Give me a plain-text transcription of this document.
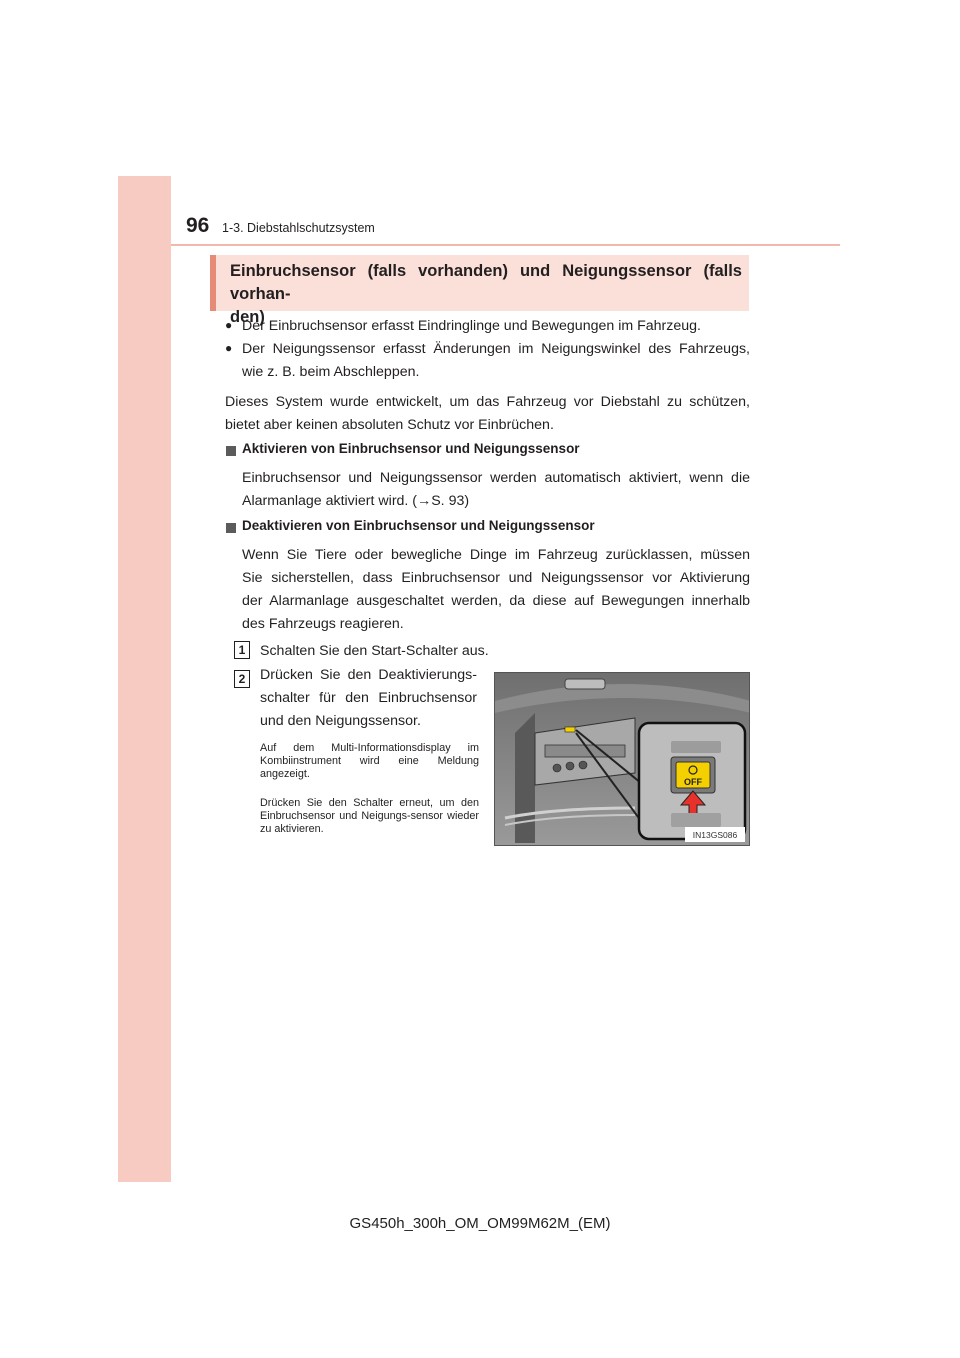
96 1-3. Diebstahlschutzsystem
Einbruchsensor (falls vorhanden) und Neigungssensor (falls vorhan-
den)
● Der Einbruchsensor erfasst Eindringlinge und Bewegungen im Fahrzeug.
● Der Neigungssensor erfasst Änderungen im Neigungswinkel des Fahrzeugs,
wie z. B. beim Abschleppen.
Dieses System wurde entwickelt, um das Fahrzeug vor Diebstahl zu schützen,
bietet aber keinen absoluten Schutz vor Einbrüchen.
Aktivieren von Einbruchsensor und Neigungssensor
Einbruchsensor und Neigungssensor werden automatisch aktiviert, wenn die
Alarmanlage aktiviert wird. (→S. 93)
Deaktivieren von Einbruchsensor und Neigungssensor
Wenn Sie Tiere oder bewegliche Dinge im Fahrzeug zurücklassen, müssen
Sie sicherstellen, dass Einbruchsensor und Neigungssensor vor Aktivierung
der Alarmanlage ausgeschaltet werden, da diese auf Bewegungen innerhalb
des Fahrzeugs reagieren.
1	Schalten Sie den Start-Schalter aus.
2	Drücken Sie den Deaktivierungs-
schalter für den Einbruchsensor
und den Neigungssensor.
Auf dem Multi-Informationsdisplay im Kombiinstrument wird eine Meldung angezeigt.
Drücken Sie den Schalter erneut, um den Einbruchsensor und Neigungs-sensor wieder zu aktivieren.
OFF
IN13GS086
GS450h_300h_OM_OM99M62M_(EM)
